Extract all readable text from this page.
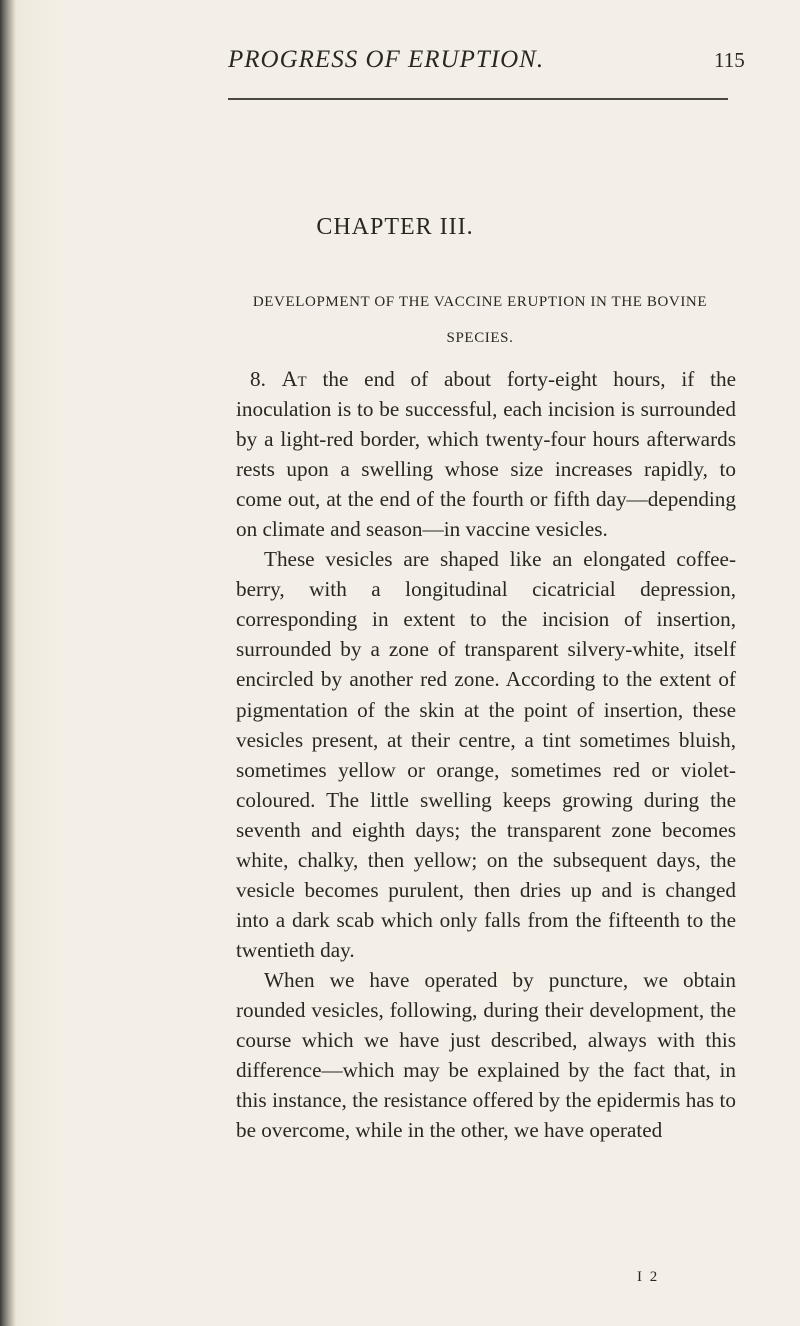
PROGRESS OF ERUPTION.	115
CHAPTER III.
DEVELOPMENT OF THE VACCINE ERUPTION IN THE BOVINE SPECIES.

8. At the end of about forty-eight hours, if the inoculation is to be successful, each incision is surrounded by a light-red border, which twenty-four hours afterwards rests upon a swelling whose size increases rapidly, to come out, at the end of the fourth or fifth day—depending on climate and season—in vaccine vesicles.

These vesicles are shaped like an elongated coffee-berry, with a longitudinal cicatricial depression, corresponding in extent to the incision of insertion, surrounded by a zone of transparent silvery-white, itself encircled by another red zone. According to the extent of pigmentation of the skin at the point of insertion, these vesicles present, at their centre, a tint sometimes bluish, sometimes yellow or orange, sometimes red or violet-coloured. The little swelling keeps growing during the seventh and eighth days; the transparent zone becomes white, chalky, then yellow; on the subsequent days, the vesicle becomes purulent, then dries up and is changed into a dark scab which only falls from the fifteenth to the twentieth day.

When we have operated by puncture, we obtain rounded vesicles, following, during their development, the course which we have just described, always with this difference—which may be explained by the fact that, in this instance, the resistance offered by the epidermis has to be overcome, while in the other, we have operated

I 2
